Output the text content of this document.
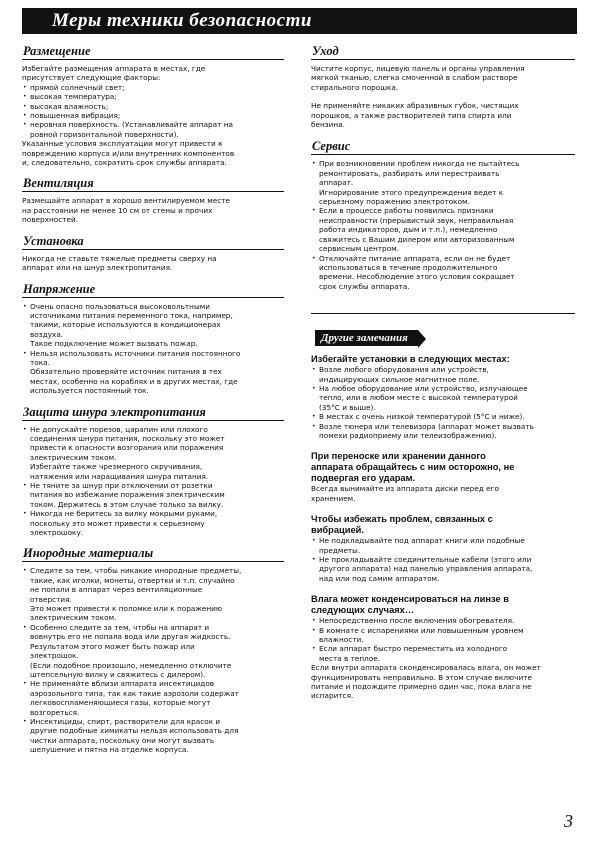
Меры техники безопасности
Размещение

Избегайте размещения аппарата в местах, где
присутствует следующие факторы:

• прямой солнечный свет;
• высокая температура;
• высокая влажность;
• повышенная вибрация;
• неровная поверхность. (Устанавливайте аппарат на
ровной горизонтальной поверхности).

Указанные условия эксплуатации могут привести к
повреждению корпуса и/или внутренних компонентов
и, следовательно, сократить срок службы аппарата.

Вентиляция

Размещайте аппарат в хорошо вентилируемом месте
на расстоянии не менее 10 см от стены и прочих
поверхностей.

Установка

Никогда не ставьте тяжелые предметы сверху на
аппарат или на шнур электропитания.

Напряжение
• Очень опасно пользоваться высоковольтными
источниками питания переменного тока, например,
такими, которые используются в кондиционерах
воздуха.
Такое подключение может вызвать пожар.
• Нельзя использовать источники питания постоянного
тока.
Обязательно проверяйте источник питания в тех
местах, особенно на кораблях и в других местах, где
используется постоянный ток.
Защита шнура электропитания
• Не допускайте порезов, царапин или плохого
соединения шнура питания, поскольку это может
привести к опасности возгорания или поражения
электрическим током.
Избегайте также чрезмерного скручивания,
натяжения или наращивания шнура питания.
• Не тяните за шнур при отключении от розетки
питания во избежание поражения электрическим
током. Держитесь в этом случае только за вилку.
• Никогда не беритесь за вилку мокрыми руками,
поскольку это может привести к серьезному
электрошоку.
Инородные материалы
• Следите за тем, чтобы никакие инородные предметы,
такие, как иголки, монеты, отвертки и т.п. случайно
не попали в аппарат через вентиляционные
отверстия.
Это может привести к поломке или к поражению
электрическим током.
• Особенно следите за тем, чтобы на аппарат и
вовнутрь его не попала вода или другая жидкость.
Результатом этого может быть пожар или
электрошок.
(Если подобное произошло, немедленно отключите
штепсельную вилку и свяжитесь с дилером).
• Не применяйте вблизи аппарата инсектицидов
аэрозольного типа, так как такие аэрозоли содержат
легковоспламеняющиеся газы, которые могут
возгореться.
• Инсектициды, спирт, растворители для красок и
другие подобные химикаты нельзя использовать для
чистки аппарата, поскольку они могут вызвать
шелушение и пятна на отделке корпуса.
Уход

Чистите корпус, лицевую панель и органы управления
мягкой тканью, слегка смоченной в слабом растворе
стирального порошка.

Не применяйте никаких абразивных губок, чистящих
порошков, а также растворителей типа спирта или
бензина.

Сервис
• При возникновении проблем никогда не пытайтесь
ремонтировать, разбирать или перестраивать
аппарат.
Игнорирование этого предупреждения ведет к
серьезному поражению электротоком.
• Если в процессе работы появились признаки
неисправности (прерывистый звук, неправильная
работа индикаторов, дым и т.п.), немедленно
свяжитесь с Вашим дилером или авторизованным
сервисным центром.
• Отключайте питание аппарата, если он не будет
использоваться в течение продолжительного
времени. Несоблюдение этого условия сокращает
срок службы аппарата.
Другие замечания

Избегайте установки в следующих местах:

• Возле любого оборудования или устройств,
индицирующих сильное магнитное поле.
• На любое оборудование или устройство, излучающее
тепло, или в любом месте с высокой температурой
(35°С и выше).
• В местах с очень низкой температурой (5°С и ниже).
• Возле тюнера или телевизора (аппарат может вызвать
помехи радиоприему или телеизображению).

При переноске или хранении данного
аппарата обращайтесь с ним осторожно, не
подвергая его ударам.

Всегда вынимайте из аппарата диски перед его
хранением.

Чтобы избежать проблем, связанных с
вибрацией.

• Не подкладывайте под аппарат книги или подобные
предметы.
• Не прокладывайте соединительные кабели (этого или
другого аппарата) над панелью управления аппарата,
над или под самим аппаратом.

Влага может конденсироваться на линзе в
следующих случаях…

• Непосредственно после включения обогревателя.
• В комнате с испарениями или повышенным уровнем
влажности.
• Если аппарат быстро переместить из холодного
места в теплое.

Если внутри аппарата сконденсировалась влага, он может
функционировать неправильно. В этом случае включите
питание и подождите примерно один час, пока влага не
испарится.

3
